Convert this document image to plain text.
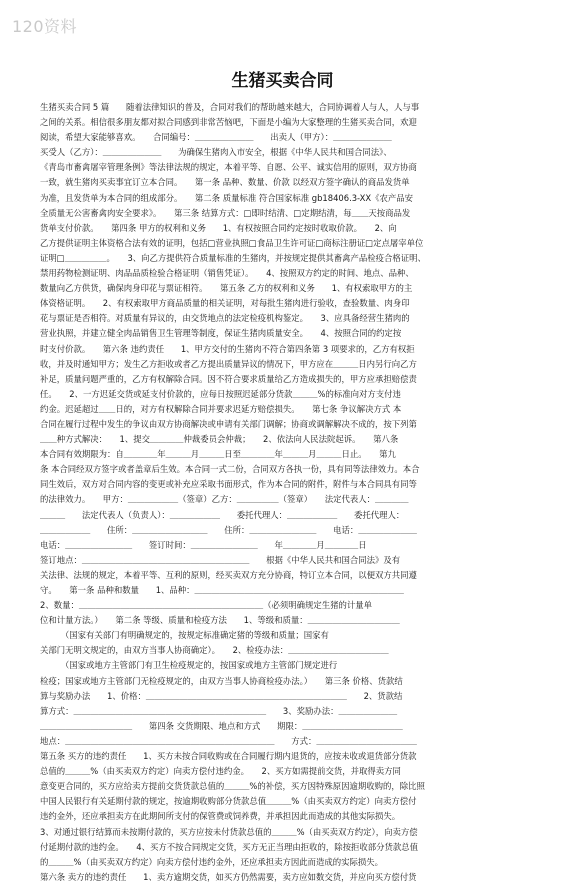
120资料
生猪买卖合同
生猪买卖合同 5 篇　　随着法律知识的普及，合同对我们的帮助越来越大，合同协调着人与人，人与事
之间的关系。相信很多朋友都对拟合同感到非常苦恼吧，下面是小编为大家整理的生猪买卖合同，欢迎
阅读，希望大家能够喜欢。　　合同编号：＿＿＿＿＿＿＿　　出卖人（甲方）：＿＿＿＿＿＿＿
买受人（乙方）：＿＿＿＿＿＿＿　　为确保生猪肉入市安全，根据《中华人民共和国合同法》、
《青岛市畜禽屠宰管理条例》等法律法规的规定，本着平等、自愿、公平、诚实信用的原则，双方协商
一致，就生猪肉买卖事宜订立本合同。　　第一条 品种、数量、价款 以经双方签字确认的商品发货单
为准，且发货单为本合同的组成部分。　　第二条 质量标准 符合国家标准 gb18406.3-XX《农产品安
全质量无公害畜禽肉安全要求》。　　第三条 结算方式：□即时结清、□定期结清，每＿＿天按商品发
货单支付价款。　　第四条 甲方的权利和义务　　1、有权按照合同约定按时收取价款。　　2、向
乙方提供证明主体资格合法有效的证明，包括□营业执照□食品卫生许可证□商标注册证□定点屠宰单位
证明□＿＿＿＿＿。　　3、向乙方提供符合质量标准的生猪肉，并按规定提供其畜禽产品检疫合格证明、
禁用药物检测证明、肉品品质检验合格证明（销售凭证）。　　4、按照双方约定的时间、地点、品种、
数量向乙方供货，确保肉身印花与票证相符。　　第五条 乙方的权利和义务　　1、有权索取甲方的主
体资格证明。　　2、有权索取甲方商品质量的相关证明，对每批生猪肉进行验收，查验数量、肉身印
花与票证是否相符。对质量有异议的，由交货地点的法定检疫机构鉴定。　　3、应具备经营生猪肉的
营业执照，并建立健全肉品销售卫生管理等制度，保证生猪肉质量安全。　　4、按照合同的约定按
时支付价款。　　第六条 违约责任　　1、甲方交付的生猪肉不符合第四条第 3 项要求的，乙方有权拒
收，并及时通知甲方；发生乙方拒收或者乙方提出质量异议的情况下，甲方应在＿＿＿日内另行向乙方
补足，质量问题严重的，乙方有权解除合同。因不符合要求质量给乙方造成损失的，甲方应承担赔偿责
任。　　2、一方迟延交货或延支付价款的，应每日按照迟延部分货款＿＿＿%的标准向对方支付违
约金。迟延超过＿＿日的，对方有权解除合同并要求迟延方赔偿损失。　　第七条 争议解决方式 本
合同在履行过程中发生的争议由双方协商解决或申请有关部门调解；协商或调解解决不成的，按下列第
＿＿种方式解决：　　1、提交＿＿＿＿仲裁委员会仲裁；　　2、依法向人民法院起诉。　　第八条
本合同有效期限为：自＿＿＿＿年＿＿＿月＿＿＿日至＿＿＿＿年＿＿＿月＿＿＿日止。　　第九
条 本合同经双方签字或者盖章后生效。本合同一式二份，合同双方各执一份，具有同等法律效力。本合
同生效后，双方对合同内容的变更或补充应采取书面形式，作为本合同的附件，附件与本合同具有同等
的法律效力。　　甲方：＿＿＿＿＿＿（签章）乙方：＿＿＿＿＿（签章）　　法定代表人：＿＿＿＿
＿＿＿　　法定代表人（负责人）：＿＿＿＿＿＿　　委托代理人：＿＿＿＿＿＿　　委托代理人：
＿＿＿＿＿＿　　住所：＿＿＿＿＿＿＿＿＿　　住所：＿＿＿＿＿＿＿＿　　电话：＿＿＿＿＿＿＿
电话：＿＿＿＿＿＿＿＿　　签订时间：＿＿＿＿＿＿＿＿　　年＿＿＿＿月＿＿＿＿日
签订地点：＿＿＿＿＿＿＿＿＿＿＿＿＿＿＿＿＿＿＿＿　　根据《中华人民共和国合同法》及有
关法律、法规的规定，本着平等、互利的原则，经买卖双方充分协商，特订立本合同，以便双方共同遵
守。　　第一条 品种和数量　　1、品种：＿＿＿＿＿＿＿＿＿＿＿＿＿＿＿＿＿＿＿＿＿＿＿＿＿
2、数量：＿＿＿＿＿＿＿＿＿＿＿＿＿＿＿＿＿＿＿＿＿＿（必须明确规定生猪的计量单
位和计量方法。）　　第二条 等级、质量和检疫方法　　1、等级和质量：＿＿＿＿＿＿＿＿＿＿＿
　　　（国家有关部门有明确规定的，按规定标准确定猪的等级和质量；国家有
关部门无明文规定的，由双方当事人协商确定）。　　2、检疫办法：＿＿＿＿＿＿＿＿＿＿＿＿
　　　（国家或地方主管部门有卫生检疫规定的，按国家或地方主管部门规定进行
检疫；国家或地方主管部门无检疫规定的，由双方当事人协商检疫办法。）　　第三条 价格、货款结
算与奖励办法　　1、价格：＿＿＿＿＿＿＿＿＿＿＿＿＿＿＿＿＿＿＿＿＿＿＿＿　　2、货款结
算方式：＿＿＿＿＿＿＿＿＿＿＿＿＿＿＿＿＿＿＿＿＿＿＿　　3、奖励办法：＿＿＿＿＿＿＿
＿＿＿＿＿＿＿＿＿＿＿　　第四条 交货期限、地点和方式　　期限：＿＿＿＿＿＿＿＿＿＿＿＿
地点：＿＿＿＿＿＿＿＿＿＿＿＿＿＿＿＿＿＿＿＿＿＿＿＿＿　　方式：＿＿＿＿＿＿＿＿＿＿＿＿
第五条 买方的违约责任　　1、买方未按合同收购或在合同履行期内退货的，应按未收或退货部分货款
总值的＿＿＿%（由买卖双方约定）向卖方偿付违约金。　　2、买方如需提前交货，并取得卖方同
意变更合同的，买方应给卖方提前交货货款总值的＿＿＿%的补偿，买方因特殊原因逾期收购的，除比照
中国人民银行有关延期付款的规定，按逾期收购部分货款总值＿＿＿%（由买卖双方约定）向卖方偿付
违约金外，还应承担卖方在此期间所支付的保管费或饲养费，并承担因此而造成的其他实际损失。
3、对通过银行结算而未按期付款的，买方应按未付货款总值的＿＿＿%（由买卖双方约定），向卖方偿
付延期付款的违约金。　　4、买方不按合同规定交货，买方无正当理由拒收的，除按拒收部分货款总值
的＿＿＿%（由买卖双方约定）向卖方偿付违约金外，还应承担卖方因此而造成的实际损失。
第六条 卖方的违约责任　　1、卖方逾期交货，如买方仍然需要，卖方应如数交货，并应向买方偿付货
